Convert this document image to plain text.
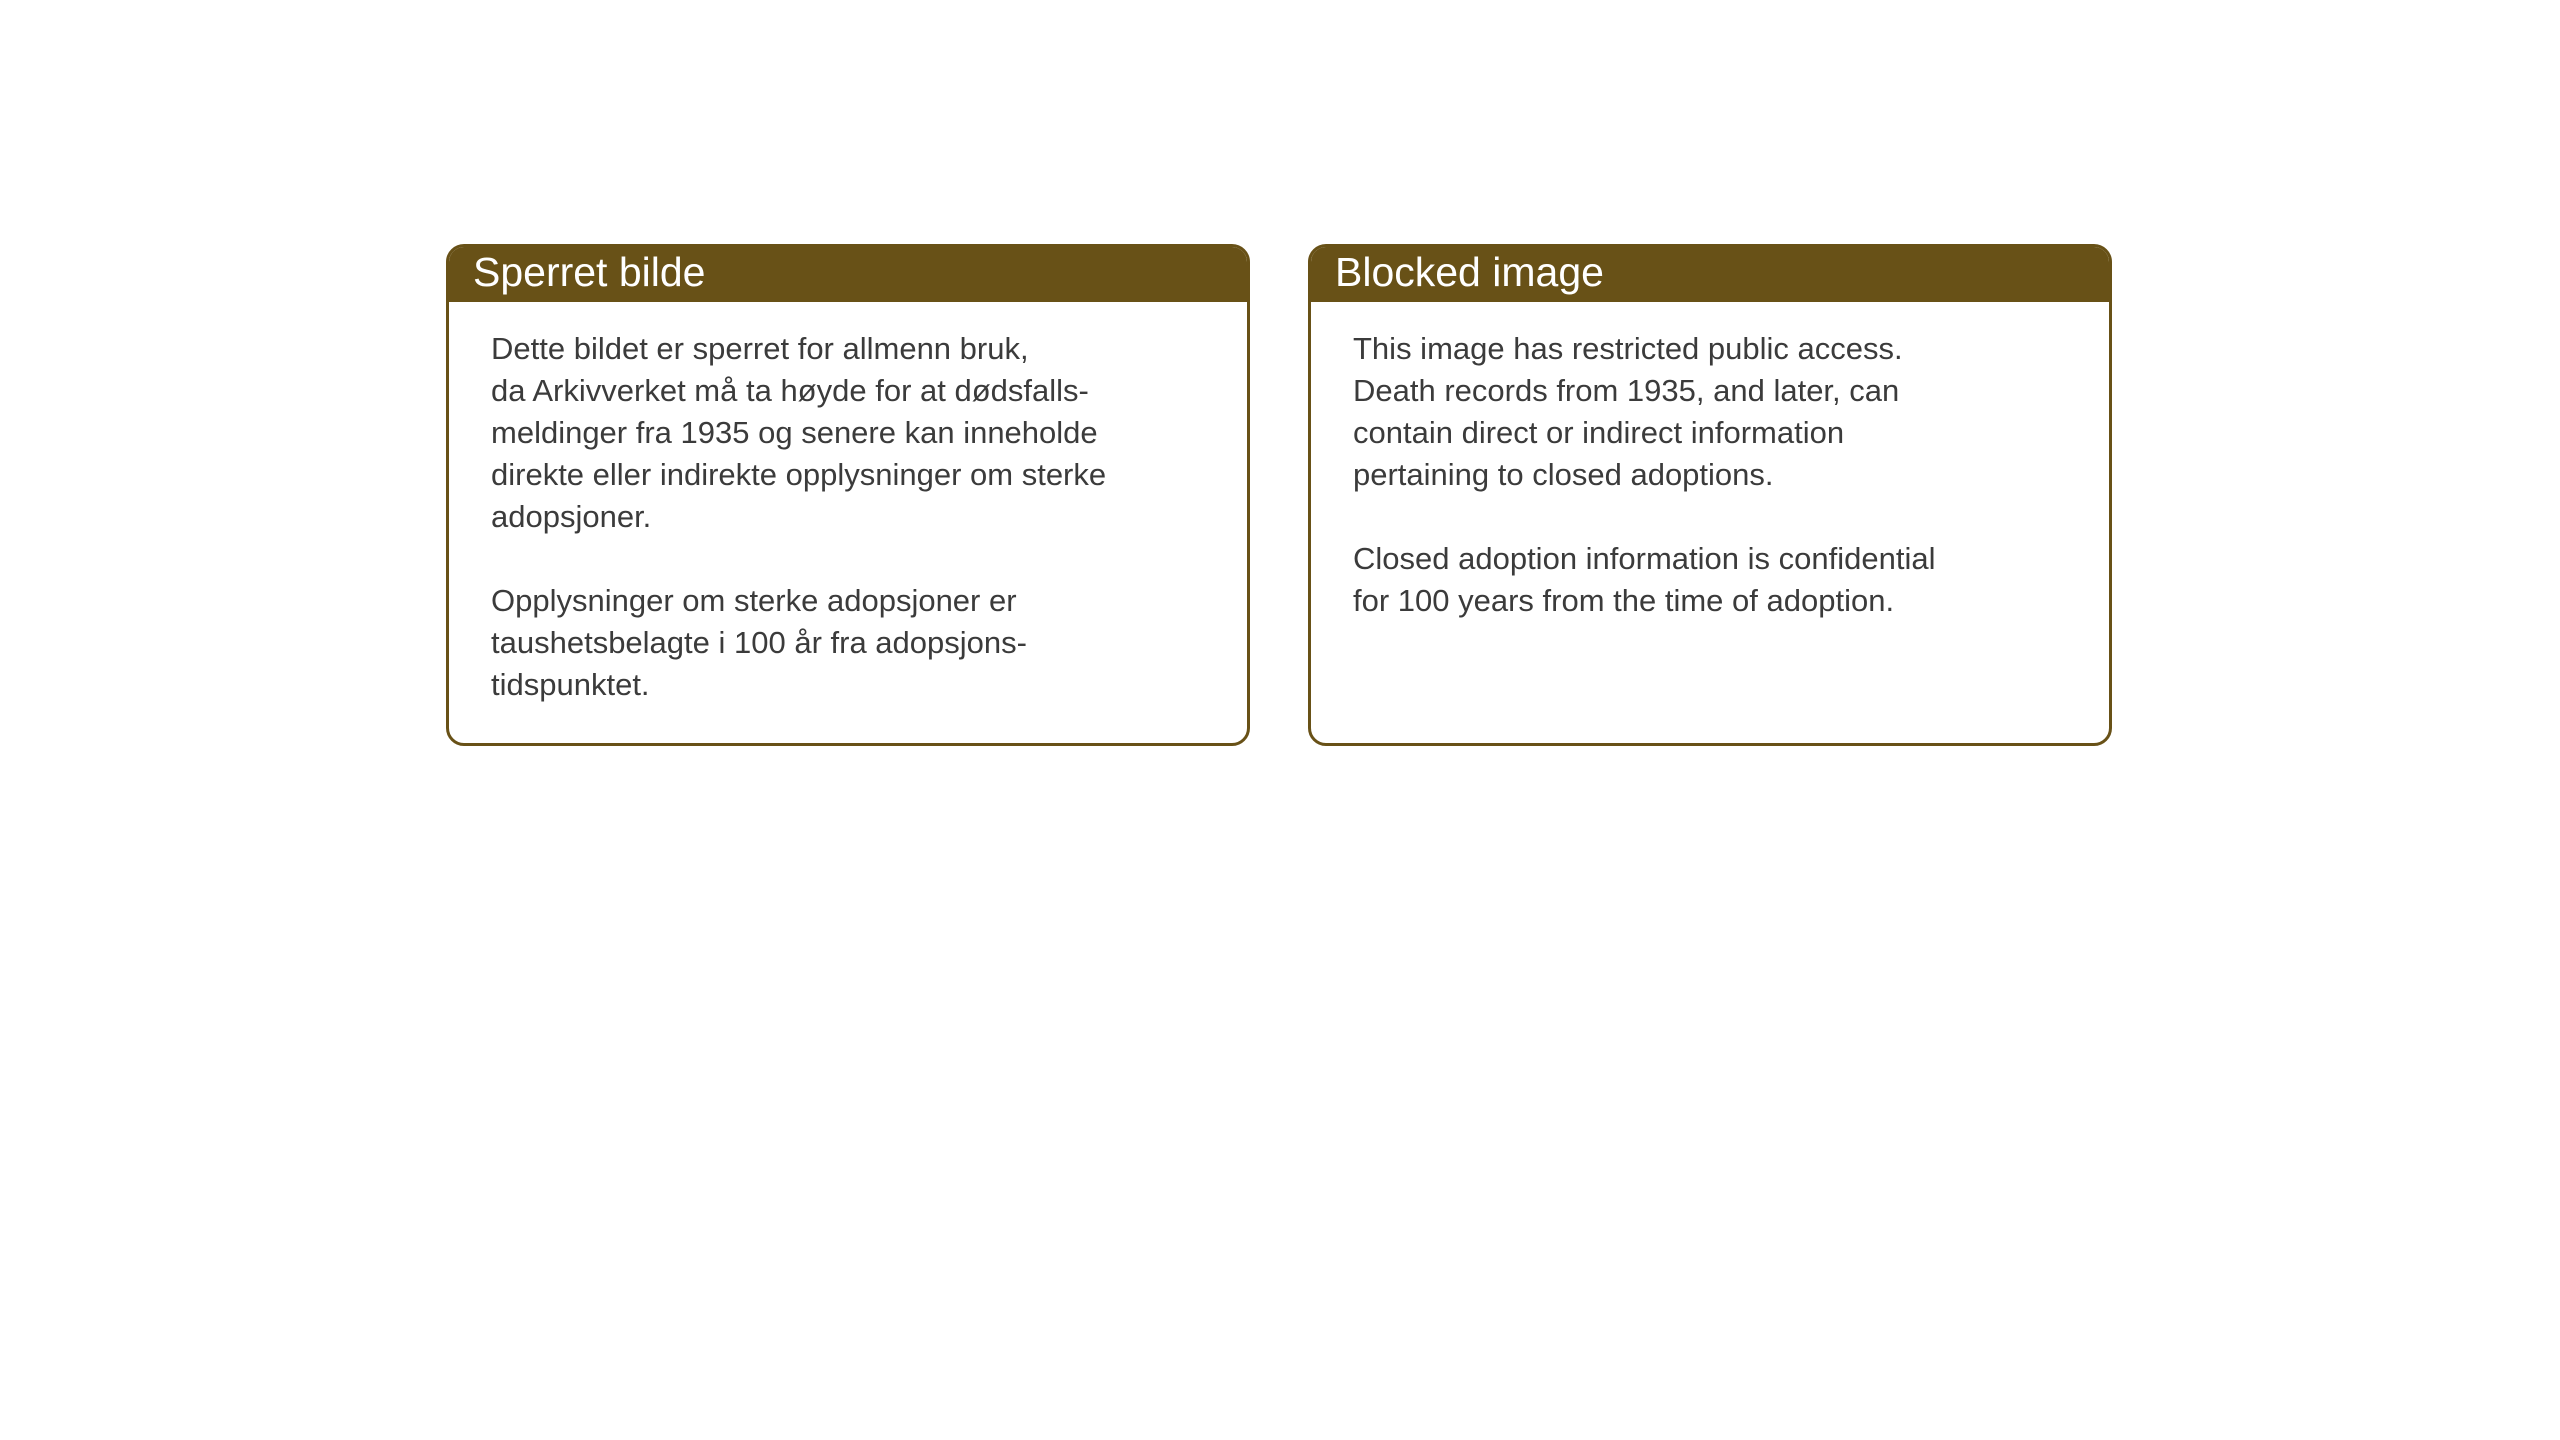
Sperret bilde

Dette bildet er sperret for allmenn bruk,
da Arkivverket må ta høyde for at dødsfalls-
meldinger fra 1935 og senere kan inneholde
direkte eller indirekte opplysninger om sterke
adopsjoner.

Opplysninger om sterke adopsjoner er
taushetsbelagte i 100 år fra adopsjons-
tidspunktet.

Blocked image

This image has restricted public access.
Death records from 1935, and later, can
contain direct or indirect information
pertaining to closed adoptions.

Closed adoption information is confidential
for 100 years from the time of adoption.
